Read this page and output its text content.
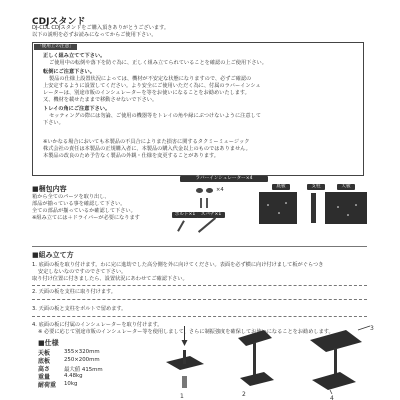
CDJスタンド
DJ-CDL CDJスタンドをご購入頂きありがとうございます。
以下の説明を必ずお読みになってからご使用下さい。
「使用上の注意」
正しく組み立てて下さい。
ご使用中の転倒や落下を防ぐ為に、正しく組み立てられていることを確認の上ご使用下さい。
転倒にご注意下さい。
製品の仕様上設置状況によっては、機材が不安定な状態になりますので、必ずご確認の
上安定するように設置してください。より安全にご使用いただく為に、付属のラバーインシュ
レーターは、別途市販のインシュレーターを等をお使いになることをお勧めいたします。
又、機材を載せたままで移動させないで下さい。
トレイの角にご注意下さい。
セッティングの際には勿論、ご使用の機器等をトレイの角や縁にぶつけないように注意して
下さい。
※いかなる場合においても本製品の不具合によりまた損害に関するタクミーミュージック
株式会社の責任は本製品の正規購入者に、本製品の購入代金以上のものではありません。
本製品の改良のため予告なく製品の外観・仕様を変更することがあります。
■梱包内容
箱から全てのパーツを取り出し、
部品が揃っている事を確認して下さい。
全ての部品が揃っているか確認して下さい。
※組み立てには＋ドライバーが必要になります
ラバーインシュレーター×4
×4
ボルト×1	スパナ×1
底板	支柱	天板
■組み立て方
1. 底面の板を取り付けます。わに完に進劫でした高分側を外に向けてください。表面を必ず横に向け付けまして板がぐらつき
安定しないなのですのでさて下さい。
取り付け位置に付きましたら、設置状況にあわせてご確認下さい。
2. 天面の板を支柱に取り付けます。
3. 天面の板と支柱をボルトで留めます。
4. 底面の板に付属のインシュレーターを取り付けます。
※ 必要に応じて別途市販のインシュレーター等を使用しまして、さらに制振強度を確保してお使いになることをお勧めします。
■仕様
天板	355×320mm
底板	250×200mm
高さ	最大値 415mm
重量	4.48kg
耐荷重 10kg
1	2
3
4
